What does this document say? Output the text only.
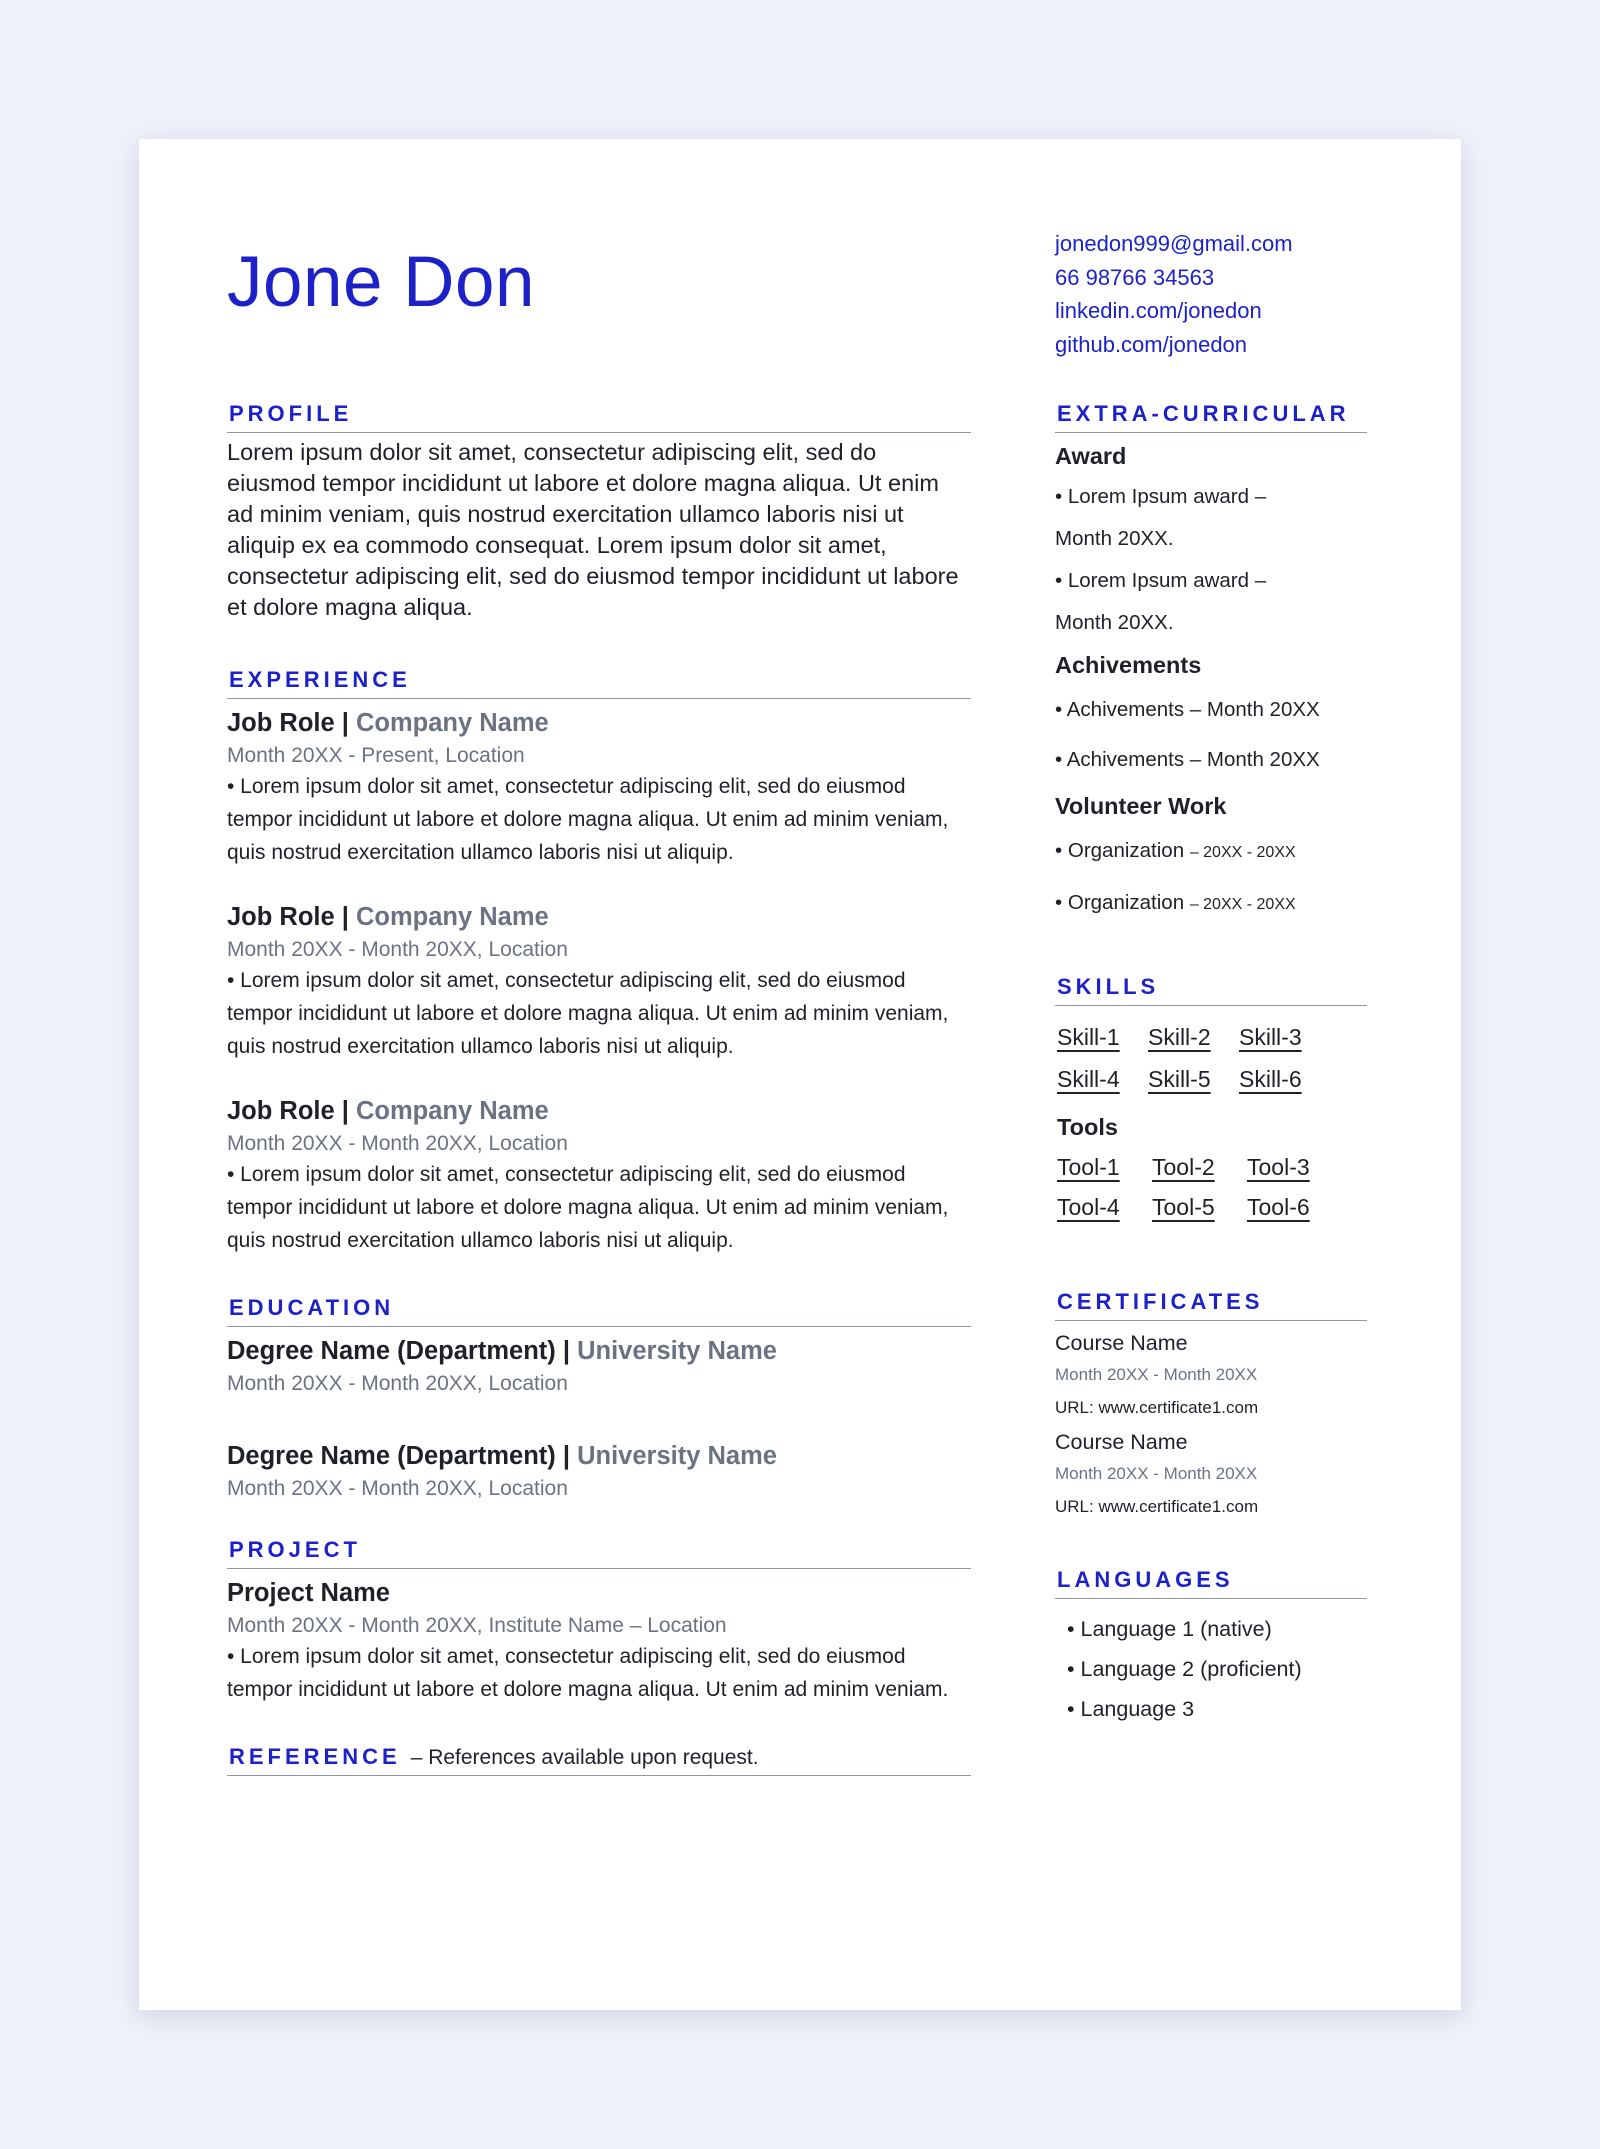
Jone Don	jonedon999@gmail.com
66 98766 34563
linkedin.com/jonedon
github.com/jonedon
PROFILE

Lorem ipsum dolor sit amet, consectetur adipiscing elit, sed do eiusmod tempor incididunt ut labore et dolore magna aliqua. Ut enim ad minim veniam, quis nostrud exercitation ullamco laboris nisi ut aliquip ex ea commodo consequat. Lorem ipsum dolor sit amet, consectetur adipiscing elit, sed do eiusmod tempor incididunt ut labore et dolore magna aliqua.

EXPERIENCE
Job Role | Company Name
Month 20XX - Present, Location

• Lorem ipsum dolor sit amet, consectetur adipiscing elit, sed do eiusmod tempor incididunt ut labore et dolore magna aliqua. Ut enim ad minim veniam, quis nostrud exercitation ullamco laboris nisi ut aliquip.

Job Role | Company Name
Month 20XX - Month 20XX, Location

• Lorem ipsum dolor sit amet, consectetur adipiscing elit, sed do eiusmod tempor incididunt ut labore et dolore magna aliqua. Ut enim ad minim veniam, quis nostrud exercitation ullamco laboris nisi ut aliquip.

Job Role | Company Name
Month 20XX - Month 20XX, Location

• Lorem ipsum dolor sit amet, consectetur adipiscing elit, sed do eiusmod tempor incididunt ut labore et dolore magna aliqua. Ut enim ad minim veniam, quis nostrud exercitation ullamco laboris nisi ut aliquip.

EDUCATION
Degree Name (Department) | University Name
Month 20XX - Month 20XX, Location
Degree Name (Department) | University Name
Month 20XX - Month 20XX, Location
PROJECT
Project Name
Month 20XX - Month 20XX, Institute Name – Location

• Lorem ipsum dolor sit amet, consectetur adipiscing elit, sed do eiusmod tempor incididunt ut labore et dolore magna aliqua. Ut enim ad minim veniam.

REFERENCE – References available upon request.
EXTRA-CURRICULAR
Award

• Lorem Ipsum award –

Month 20XX.

• Lorem Ipsum award –

Month 20XX.

Achivements

• Achivements – Month 20XX

• Achivements – Month 20XX

Volunteer Work

• Organization – 20XX - 20XX

• Organization – 20XX - 20XX

SKILLS
Skill-1	Skill-2	Skill-3
Skill-4	Skill-5	Skill-6
Tools
Tool-1	Tool-2	Tool-3
Tool-4	Tool-5	Tool-6
CERTIFICATES
Course Name
Month 20XX - Month 20XX
URL: www.certificate1.com
Course Name
Month 20XX - Month 20XX
URL: www.certificate1.com
LANGUAGES

• Language 1 (native)

• Language 2 (proficient)

• Language 3
